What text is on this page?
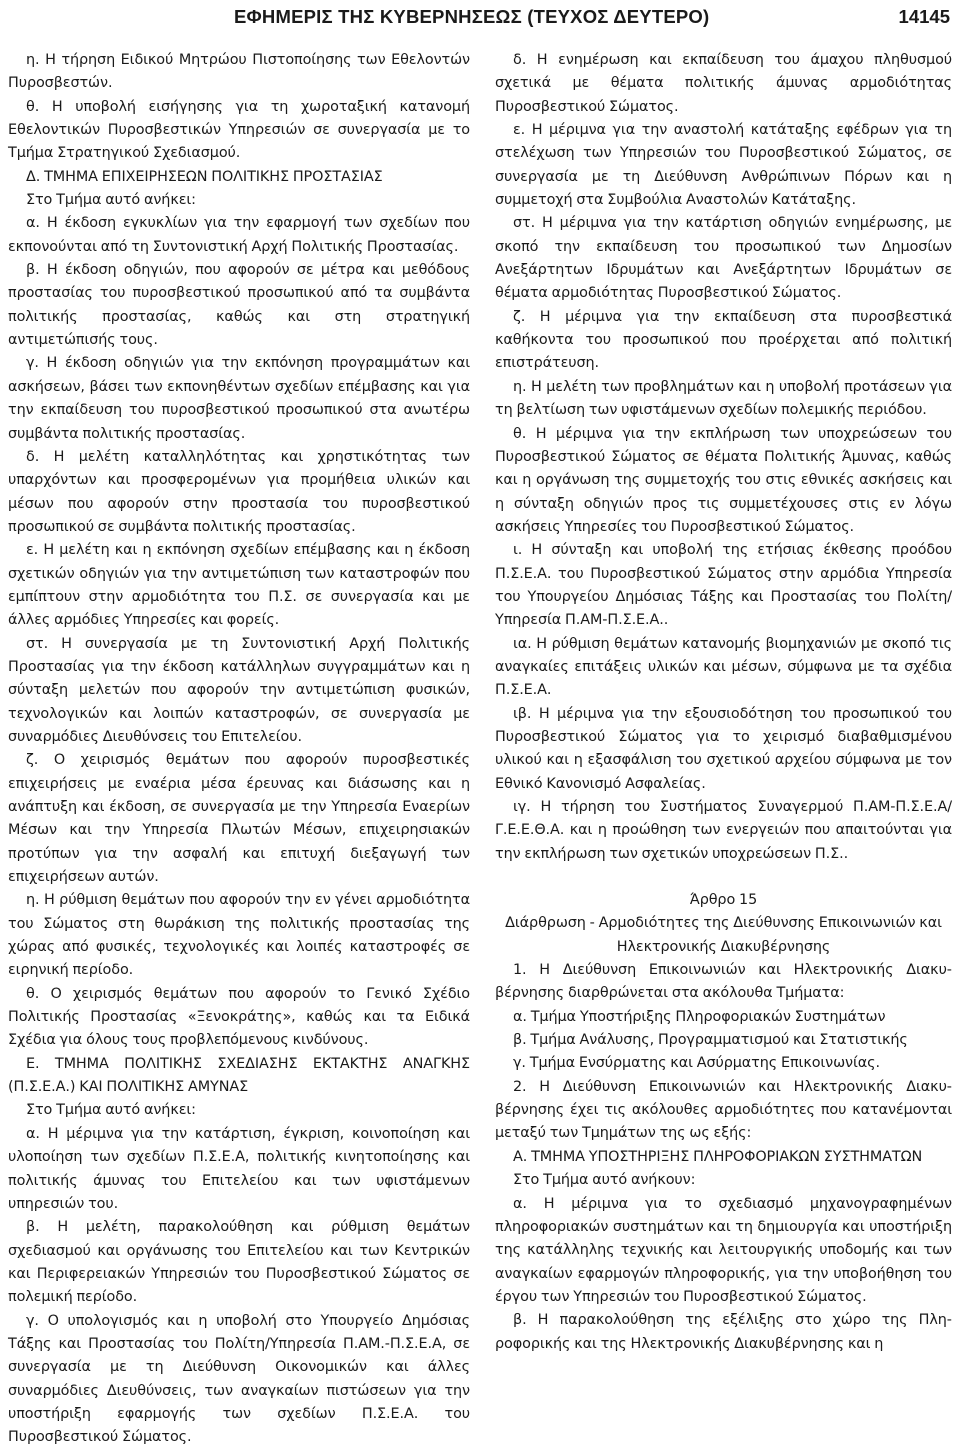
ΕΦΗΜΕΡΙΣ ΤΗΣ ΚΥΒΕΡΝΗΣΕΩΣ (ΤΕΥΧΟΣ ΔΕΥΤΕΡΟ)	14145

η. Η τήρηση Ειδικού Μητρώου Πιστοποίησης των Εθελοντών Πυροσβεστών.

θ. Η υποβολή εισήγησης για τη χωροταξική κατανομή Εθελοντικών Πυροσβεστικών Υπηρεσιών σε συνεργασία με το Τμήμα Στρατηγικού Σχεδιασμού.

Δ. ΤΜΗΜΑ ΕΠΙΧΕΙΡΗΣΕΩΝ ΠΟΛΙΤΙΚΗΣ ΠΡΟΣΤΑΣΙΑΣ

Στο Τμήμα αυτό ανήκει:

α. Η έκδοση εγκυκλίων για την εφαρμογή των σχεδίων που εκπονούνται από τη Συντονιστική Αρχή Πολιτικής Προστασίας.

β. Η έκδοση οδηγιών, που αφορούν σε μέτρα και μεθόδους προστασίας του πυροσβεστικού προσωπικού από τα συμβάντα πολιτικής προστασίας, καθώς και στη στρατηγική αντιμετώπισής τους.

γ. Η έκδοση οδηγιών για την εκπόνηση προγραμμάτων και ασκήσεων, βάσει των εκπονηθέντων σχεδίων επέμβασης και για την εκπαίδευση του πυροσβεστικού προσωπικού στα ανωτέρω συμβάντα πολιτικής προστασίας.

δ. Η μελέτη καταλληλότητας και χρηστικότητας των υπαρχόντων και προσφερομένων για προμήθεια υλικών και μέσων που αφορούν στην προστασία του πυροσβεστικού προσωπικού σε συμβάντα πολιτικής προστασίας.

ε. Η μελέτη και η εκπόνηση σχεδίων επέμβασης και η έκδοση σχετικών οδηγιών για την αντιμετώπιση των καταστροφών που εμπίπτουν στην αρμοδιότητα του Π.Σ. σε συνεργασία και με άλλες αρμόδιες Υπηρεσίες και φορείς.

στ. Η συνεργασία με τη Συντονιστική Αρχή Πολιτικής Προστασίας για την έκδοση κατάλληλων συγγραμμάτων και η σύνταξη μελετών που αφορούν την αντιμετώπιση φυσικών, τεχνολογικών και λοιπών καταστροφών, σε συνεργασία με συναρμόδιες Διευθύνσεις του Επιτελείου.

ζ. Ο χειρισμός θεμάτων που αφορούν πυροσβεστικές επιχειρήσεις με εναέρια μέσα έρευνας και διάσωσης και η ανάπτυξη και έκδοση, σε συνεργασία με την Υπηρεσία Εναερίων Μέσων και την Υπηρεσία Πλωτών Μέσων, επιχειρησιακών προτύπων για την ασφαλή και επιτυχή διεξαγωγή των επιχειρήσεων αυτών.

η. Η ρύθμιση θεμάτων που αφορούν την εν γένει αρμοδιότητα του Σώματος στη θωράκιση της πολιτικής προστασίας της χώρας από φυσικές, τεχνολογικές και λοιπές καταστροφές σε ειρηνική περίοδο.

θ. Ο χειρισμός θεμάτων που αφορούν το Γενικό Σχέδιο Πολιτικής Προστασίας «Ξενοκράτης», καθώς και τα Ειδικά Σχέδια για όλους τους προβλεπόμενους κινδύνους.

Ε. ΤΜΗΜΑ ΠΟΛΙΤΙΚΗΣ ΣΧΕΔΙΑΣΗΣ ΕΚΤΑΚΤΗΣ ΑΝΑΓΚΗΣ (Π.Σ.Ε.Α.) ΚΑΙ ΠΟΛΙΤΙΚΗΣ ΑΜΥΝΑΣ

Στο Τμήμα αυτό ανήκει:

α. Η μέριμνα για την κατάρτιση, έγκριση, κοινοποίηση και υλοποίηση των σχεδίων Π.Σ.Ε.Α, πολιτικής κινητοποίησης και πολιτικής άμυνας του Επιτελείου και των υφιστάμενων υπηρεσιών του.

β. Η μελέτη, παρακολούθηση και ρύθμιση θεμάτων σχεδιασμού και οργάνωσης του Επιτελείου και των Κεντρικών και Περιφερειακών Υπηρεσιών του Πυροσβεστικού Σώματος σε πολεμική περίοδο.

γ. Ο υπολογισμός και η υποβολή στο Υπουργείο Δημόσιας Τάξης και Προστασίας του Πολίτη/Υπηρεσία Π.ΑΜ.-Π.Σ.Ε.Α, σε συνεργασία με τη Διεύθυνση Οικονομικών και άλλες συναρμόδιες Διευθύνσεις, των αναγκαίων πιστώσεων για την υποστήριξη εφαρμογής των σχεδίων Π.Σ.Ε.Α. του Πυροσβεστικού Σώματος.

δ. Η ενημέρωση και εκπαίδευση του άμαχου πληθυσμού σχετικά με θέματα πολιτικής άμυνας αρμοδιότητας Πυροσβεστικού Σώματος.

ε. Η μέριμνα για την αναστολή κατάταξης εφέδρων για τη στελέχωση των Υπηρεσιών του Πυροσβεστικού Σώματος, σε συνεργασία με τη Διεύθυνση Ανθρώπινων Πόρων και η συμμετοχή στα Συμβούλια Αναστολών Κατάταξης.

στ. Η μέριμνα για την κατάρτιση οδηγιών ενημέρωσης, με σκοπό την εκπαίδευση του προσωπικού των Δημοσίων Ανεξάρτητων Ιδρυμάτων και Ανεξάρτητων Ιδρυμάτων σε θέματα αρμοδιότητας Πυροσβεστικού Σώματος.

ζ. Η μέριμνα για την εκπαίδευση στα πυροσβεστικά καθήκοντα του προσωπικού που προέρχεται από πολιτική επιστράτευση.

η. Η μελέτη των προβλημάτων και η υποβολή προτάσεων για τη βελτίωση των υφιστάμενων σχεδίων πολεμικής περιόδου.

θ. Η μέριμνα για την εκπλήρωση των υποχρεώσεων του Πυροσβεστικού Σώματος σε θέματα Πολιτικής Άμυνας, καθώς και η οργάνωση της συμμετοχής του στις εθνικές ασκήσεις και η σύνταξη οδηγιών προς τις συμμετέχουσες στις εν λόγω ασκήσεις Υπηρεσίες του Πυροσβεστικού Σώματος.

ι. Η σύνταξη και υποβολή της ετήσιας έκθεσης προόδου Π.Σ.Ε.Α. του Πυροσβεστικού Σώματος στην αρμόδια Υπηρεσία του Υπουργείου Δημόσιας Τάξης και Προστασίας του Πολίτη/Υπηρεσία Π.ΑΜ-Π.Σ.Ε.Α..

ια. Η ρύθμιση θεμάτων κατανομής βιομηχανιών με σκοπό τις αναγκαίες επιτάξεις υλικών και μέσων, σύμφωνα με τα σχέδια Π.Σ.Ε.Α.

ιβ. Η μέριμνα για την εξουσιοδότηση του προσωπικού του Πυροσβεστικού Σώματος για το χειρισμό διαβαθμισμένου υλικού και η εξασφάλιση του σχετικού αρχείου σύμφωνα με τον Εθνικό Κανονισμό Ασφαλείας.

ιγ. Η τήρηση του Συστήματος Συναγερμού Π.ΑΜ-Π.Σ.Ε.Α/Γ.Ε.Ε.Θ.Α. και η προώθηση των ενεργειών που απαιτούνται για την εκπλήρωση των σχετικών υποχρεώσεων Π.Σ..

Άρθρο 15

Διάρθρωση - Αρμοδιότητες της Διεύθυνσης Επικοινωνιών και Ηλεκτρονικής Διακυβέρνησης

1. Η Διεύθυνση Επικοινωνιών και Ηλεκτρονικής Διακυβέρνησης διαρθρώνεται στα ακόλουθα Τμήματα:

α. Τμήμα Υποστήριξης Πληροφοριακών Συστημάτων

β. Τμήμα Ανάλυσης, Προγραμματισμού και Στατιστικής

γ. Τμήμα Ενσύρματης και Ασύρματης Επικοινωνίας.

2. Η Διεύθυνση Επικοινωνιών και Ηλεκτρονικής Διακυβέρνησης έχει τις ακόλουθες αρμοδιότητες που κατανέμονται μεταξύ των Τμημάτων της ως εξής:

Α. ΤΜΗΜΑ ΥΠΟΣΤΗΡΙΞΗΣ ΠΛΗΡΟΦΟΡΙΑΚΩΝ ΣΥΣΤΗΜΑΤΩΝ

Στο Τμήμα αυτό ανήκουν:

α. Η μέριμνα για το σχεδιασμό μηχανογραφημένων πληροφοριακών συστημάτων και τη δημιουργία και υποστήριξη της κατάλληλης τεχνικής και λειτουργικής υποδομής και των αναγκαίων εφαρμογών πληροφορικής, για την υποβοήθηση του έργου των Υπηρεσιών του Πυροσβεστικού Σώματος.

β. Η παρακολούθηση της εξέλιξης στο χώρο της Πληροφορικής και της Ηλεκτρονικής Διακυβέρνησης και η
